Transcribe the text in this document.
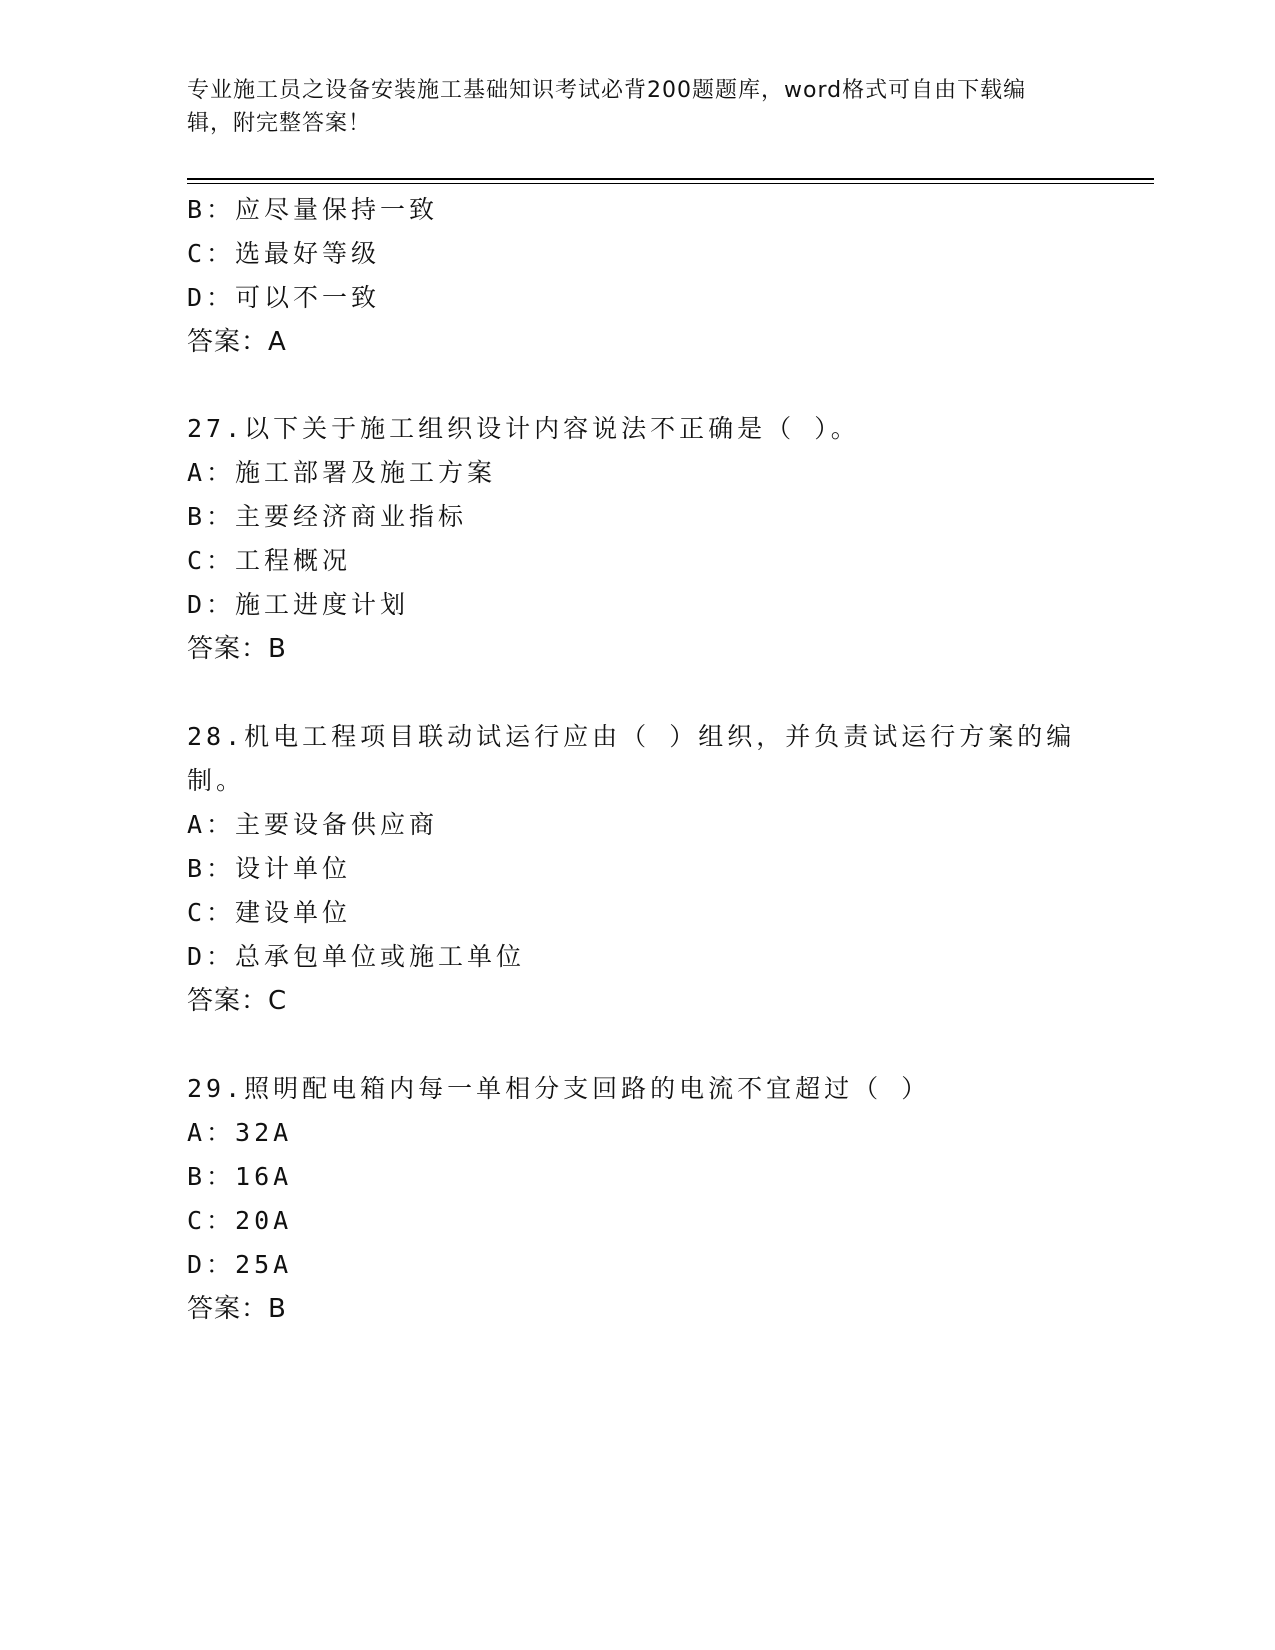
专业施工员之设备安装施工基础知识考试必背200题题库，word格式可自由下载编辑，附完整答案！
B：应尽量保持一致
C：选最好等级
D：可以不一致
答案：A
27.以下关于施工组织设计内容说法不正确是（ ）。
A：施工部署及施工方案
B：主要经济商业指标
C：工程概况
D：施工进度计划
答案：B
28.机电工程项目联动试运行应由（ ）组织，并负责试运行方案的编
制。
A：主要设备供应商
B：设计单位
C：建设单位
D：总承包单位或施工单位
答案：C
29.照明配电箱内每一单相分支回路的电流不宜超过（ ）
A：32A
B：16A
C：20A
D：25A
答案：B
